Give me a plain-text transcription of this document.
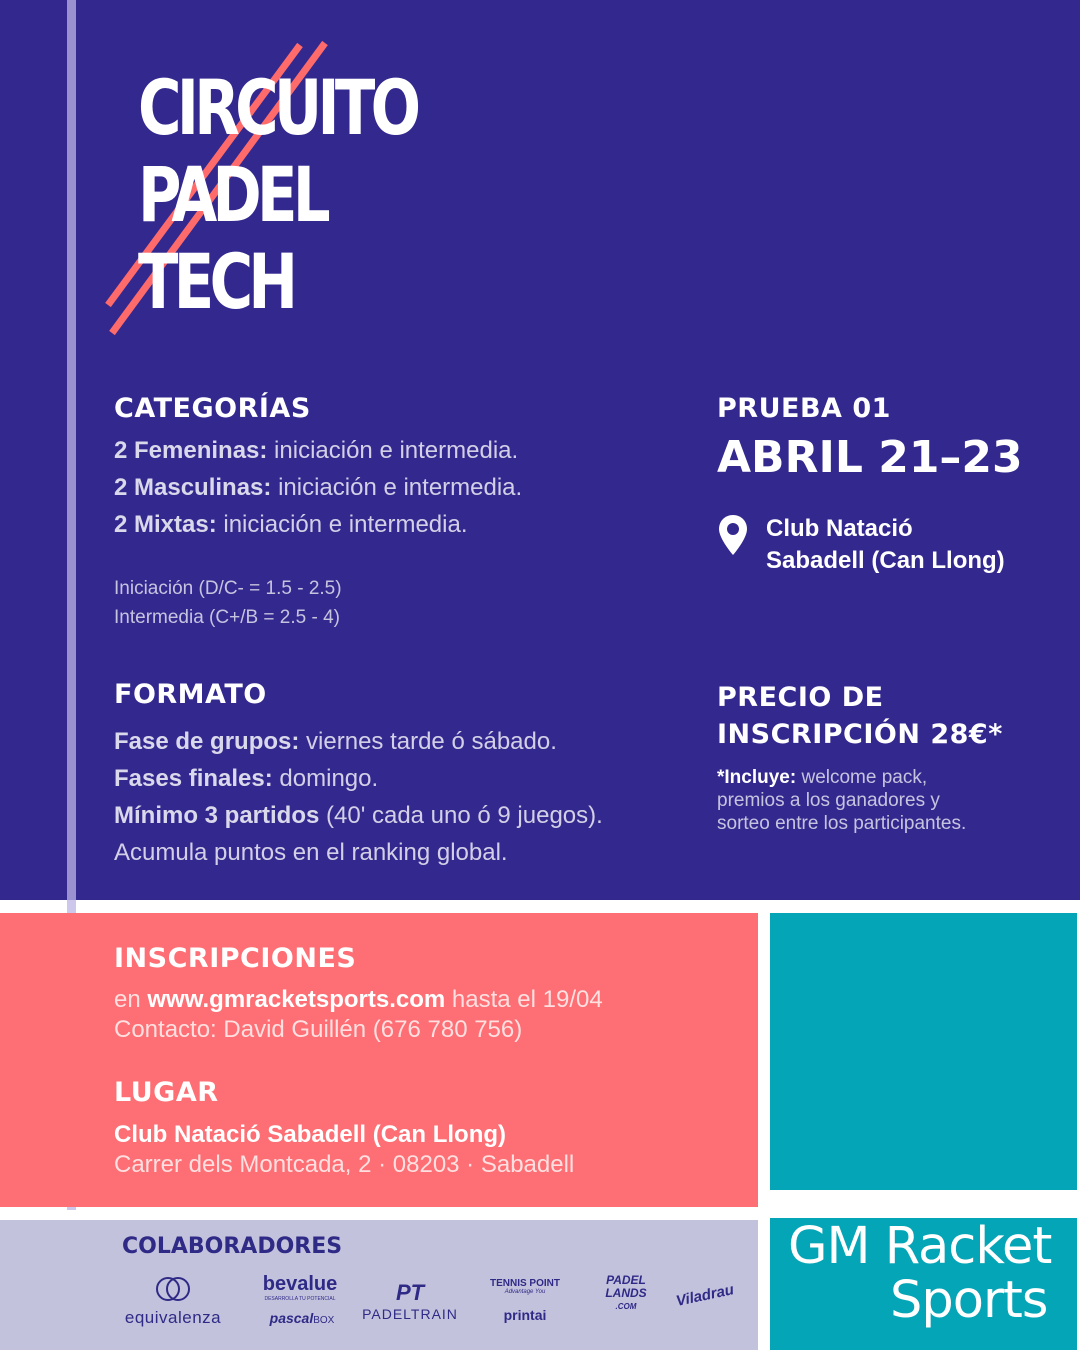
CIRCUITO
PADEL
TECH
CATEGORÍAS
2 Femeninas: iniciación e intermedia.
2 Masculinas: iniciación e intermedia.
2 Mixtas: iniciación e intermedia.
Iniciación (D/C- = 1.5 - 2.5)
Intermedia (C+/B = 2.5 - 4)
PRUEBA 01
ABRIL 21–23
Club Natació
Sabadell (Can Llong)
FORMATO
Fase de grupos: viernes tarde ó sábado.
Fases finales: domingo.
Mínimo 3 partidos (40' cada uno ó 9 juegos).
Acumula puntos en el ranking global.
PRECIO DE
INSCRIPCIÓN 28€*
*Incluye: welcome pack,
premios a los ganadores y
sorteo entre los participantes.
INSCRIPCIONES
en www.gmracketsports.com hasta el 19/04
Contacto: David Guillén (676 780 756)
LUGAR
Club Natació Sabadell (Can Llong)
Carrer dels Montcada, 2 · 08203 · Sabadell
GM Racket
Sports
COLABORADORES
equivalenza
bevalue
DESARROLLA TU POTENCIAL
pascalBOX
PT
PADELTRAIN
TENNIS POINT
Advantage You
printai
PADEL
LANDS
.COM	Viladrau
